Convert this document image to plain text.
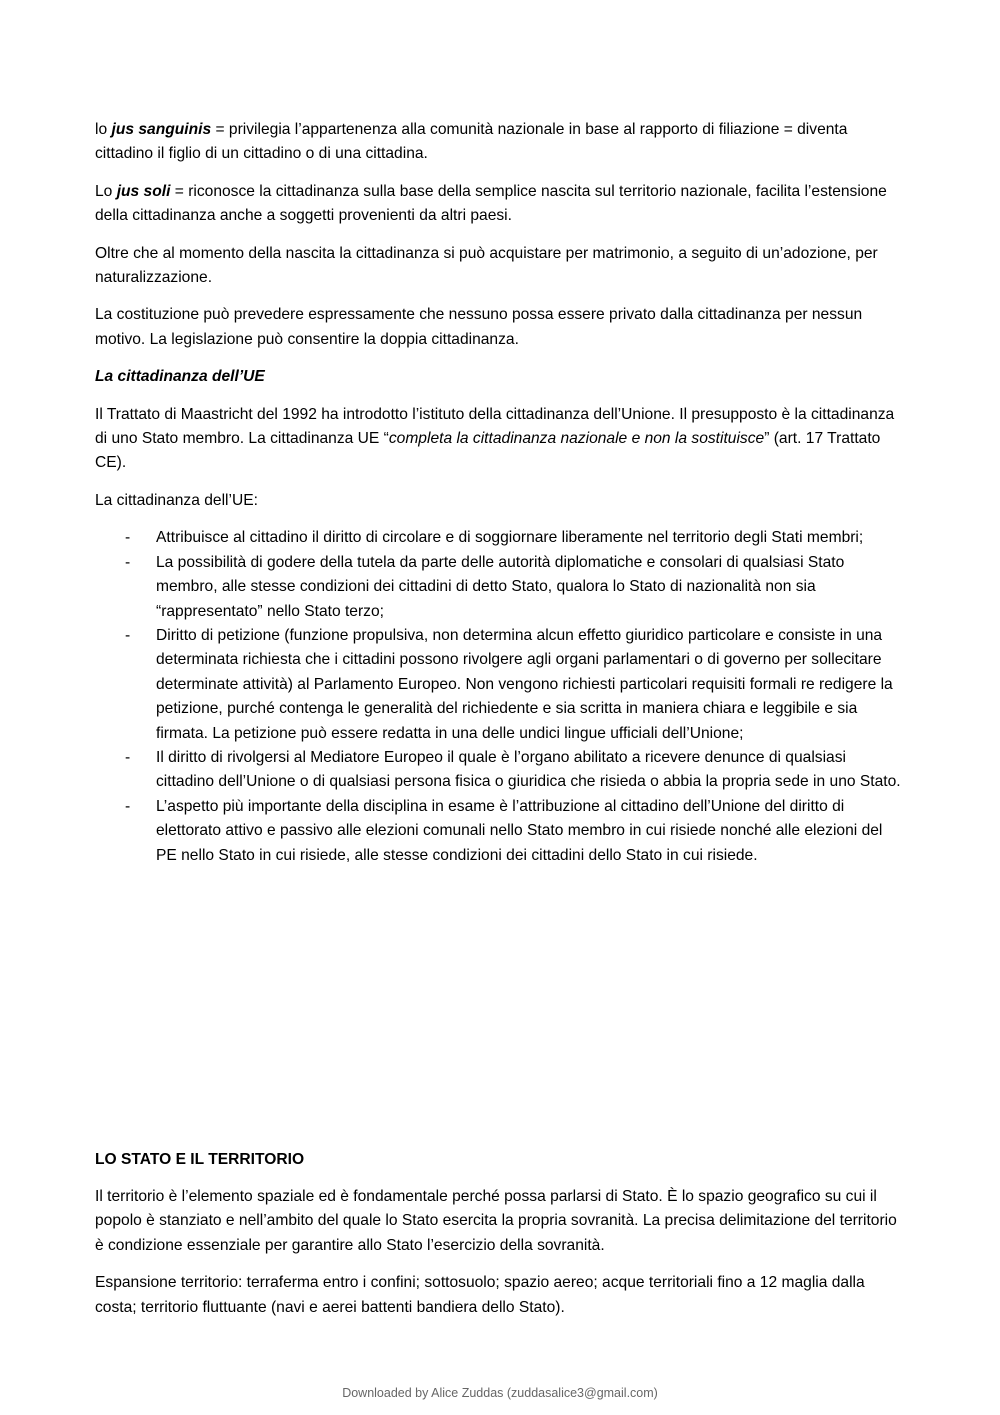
lo jus sanguinis = privilegia l’appartenenza alla comunità nazionale in base al rapporto di filiazione = diventa cittadino il figlio di un cittadino o di una cittadina.

Lo jus soli = riconosce la cittadinanza sulla base della semplice nascita sul territorio nazionale, facilita l’estensione della cittadinanza anche a soggetti provenienti da altri paesi.

Oltre che al momento della nascita la cittadinanza si può acquistare per matrimonio, a seguito di un’adozione, per naturalizzazione.

La costituzione può prevedere espressamente che nessuno possa essere privato dalla cittadinanza per nessun motivo. La legislazione può consentire la doppia cittadinanza.

La cittadinanza dell’UE

Il Trattato di Maastricht del 1992 ha introdotto l’istituto della cittadinanza dell’Unione. Il presupposto è la cittadinanza di uno Stato membro. La cittadinanza UE “completa la cittadinanza nazionale e non la sostituisce” (art. 17 Trattato CE).

La cittadinanza dell’UE:

- Attribuisce al cittadino il diritto di circolare e di soggiornare liberamente nel territorio degli Stati membri;
- La possibilità di godere della tutela da parte delle autorità diplomatiche e consolari di qualsiasi Stato membro, alle stesse condizioni dei cittadini di detto Stato, qualora lo Stato di nazionalità non sia “rappresentato” nello Stato terzo;
- Diritto di petizione (funzione propulsiva, non determina alcun effetto giuridico particolare e consiste in una determinata richiesta che i cittadini possono rivolgere agli organi parlamentari o di governo per sollecitare determinate attività) al Parlamento Europeo. Non vengono richiesti particolari requisiti formali re redigere la petizione, purché contenga le generalità del richiedente e sia scritta in maniera chiara e leggibile e sia firmata. La petizione può essere redatta in una delle undici lingue ufficiali dell’Unione;
- Il diritto di rivolgersi al Mediatore Europeo il quale è l’organo abilitato a ricevere denunce di qualsiasi cittadino dell’Unione o di qualsiasi persona fisica o giuridica che risieda o abbia la propria sede in uno Stato.
- L’aspetto più importante della disciplina in esame è l’attribuzione al cittadino dell’Unione del diritto di elettorato attivo e passivo alle elezioni comunali nello Stato membro in cui risiede nonché alle elezioni del PE nello Stato in cui risiede, alle stesse condizioni dei cittadini dello Stato in cui risiede.

LO STATO E IL TERRITORIO

Il territorio è l’elemento spaziale ed è fondamentale perché possa parlarsi di Stato. È lo spazio geografico su cui il popolo è stanziato e nell’ambito del quale lo Stato esercita la propria sovranità. La precisa delimitazione del territorio è condizione essenziale per garantire allo Stato l’esercizio della sovranità.

Espansione territorio: terraferma entro i confini; sottosuolo; spazio aereo; acque territoriali fino a 12 maglia dalla costa; territorio fluttuante (navi e aerei battenti bandiera dello Stato).

Downloaded by Alice Zuddas (zuddasalice3@gmail.com)
